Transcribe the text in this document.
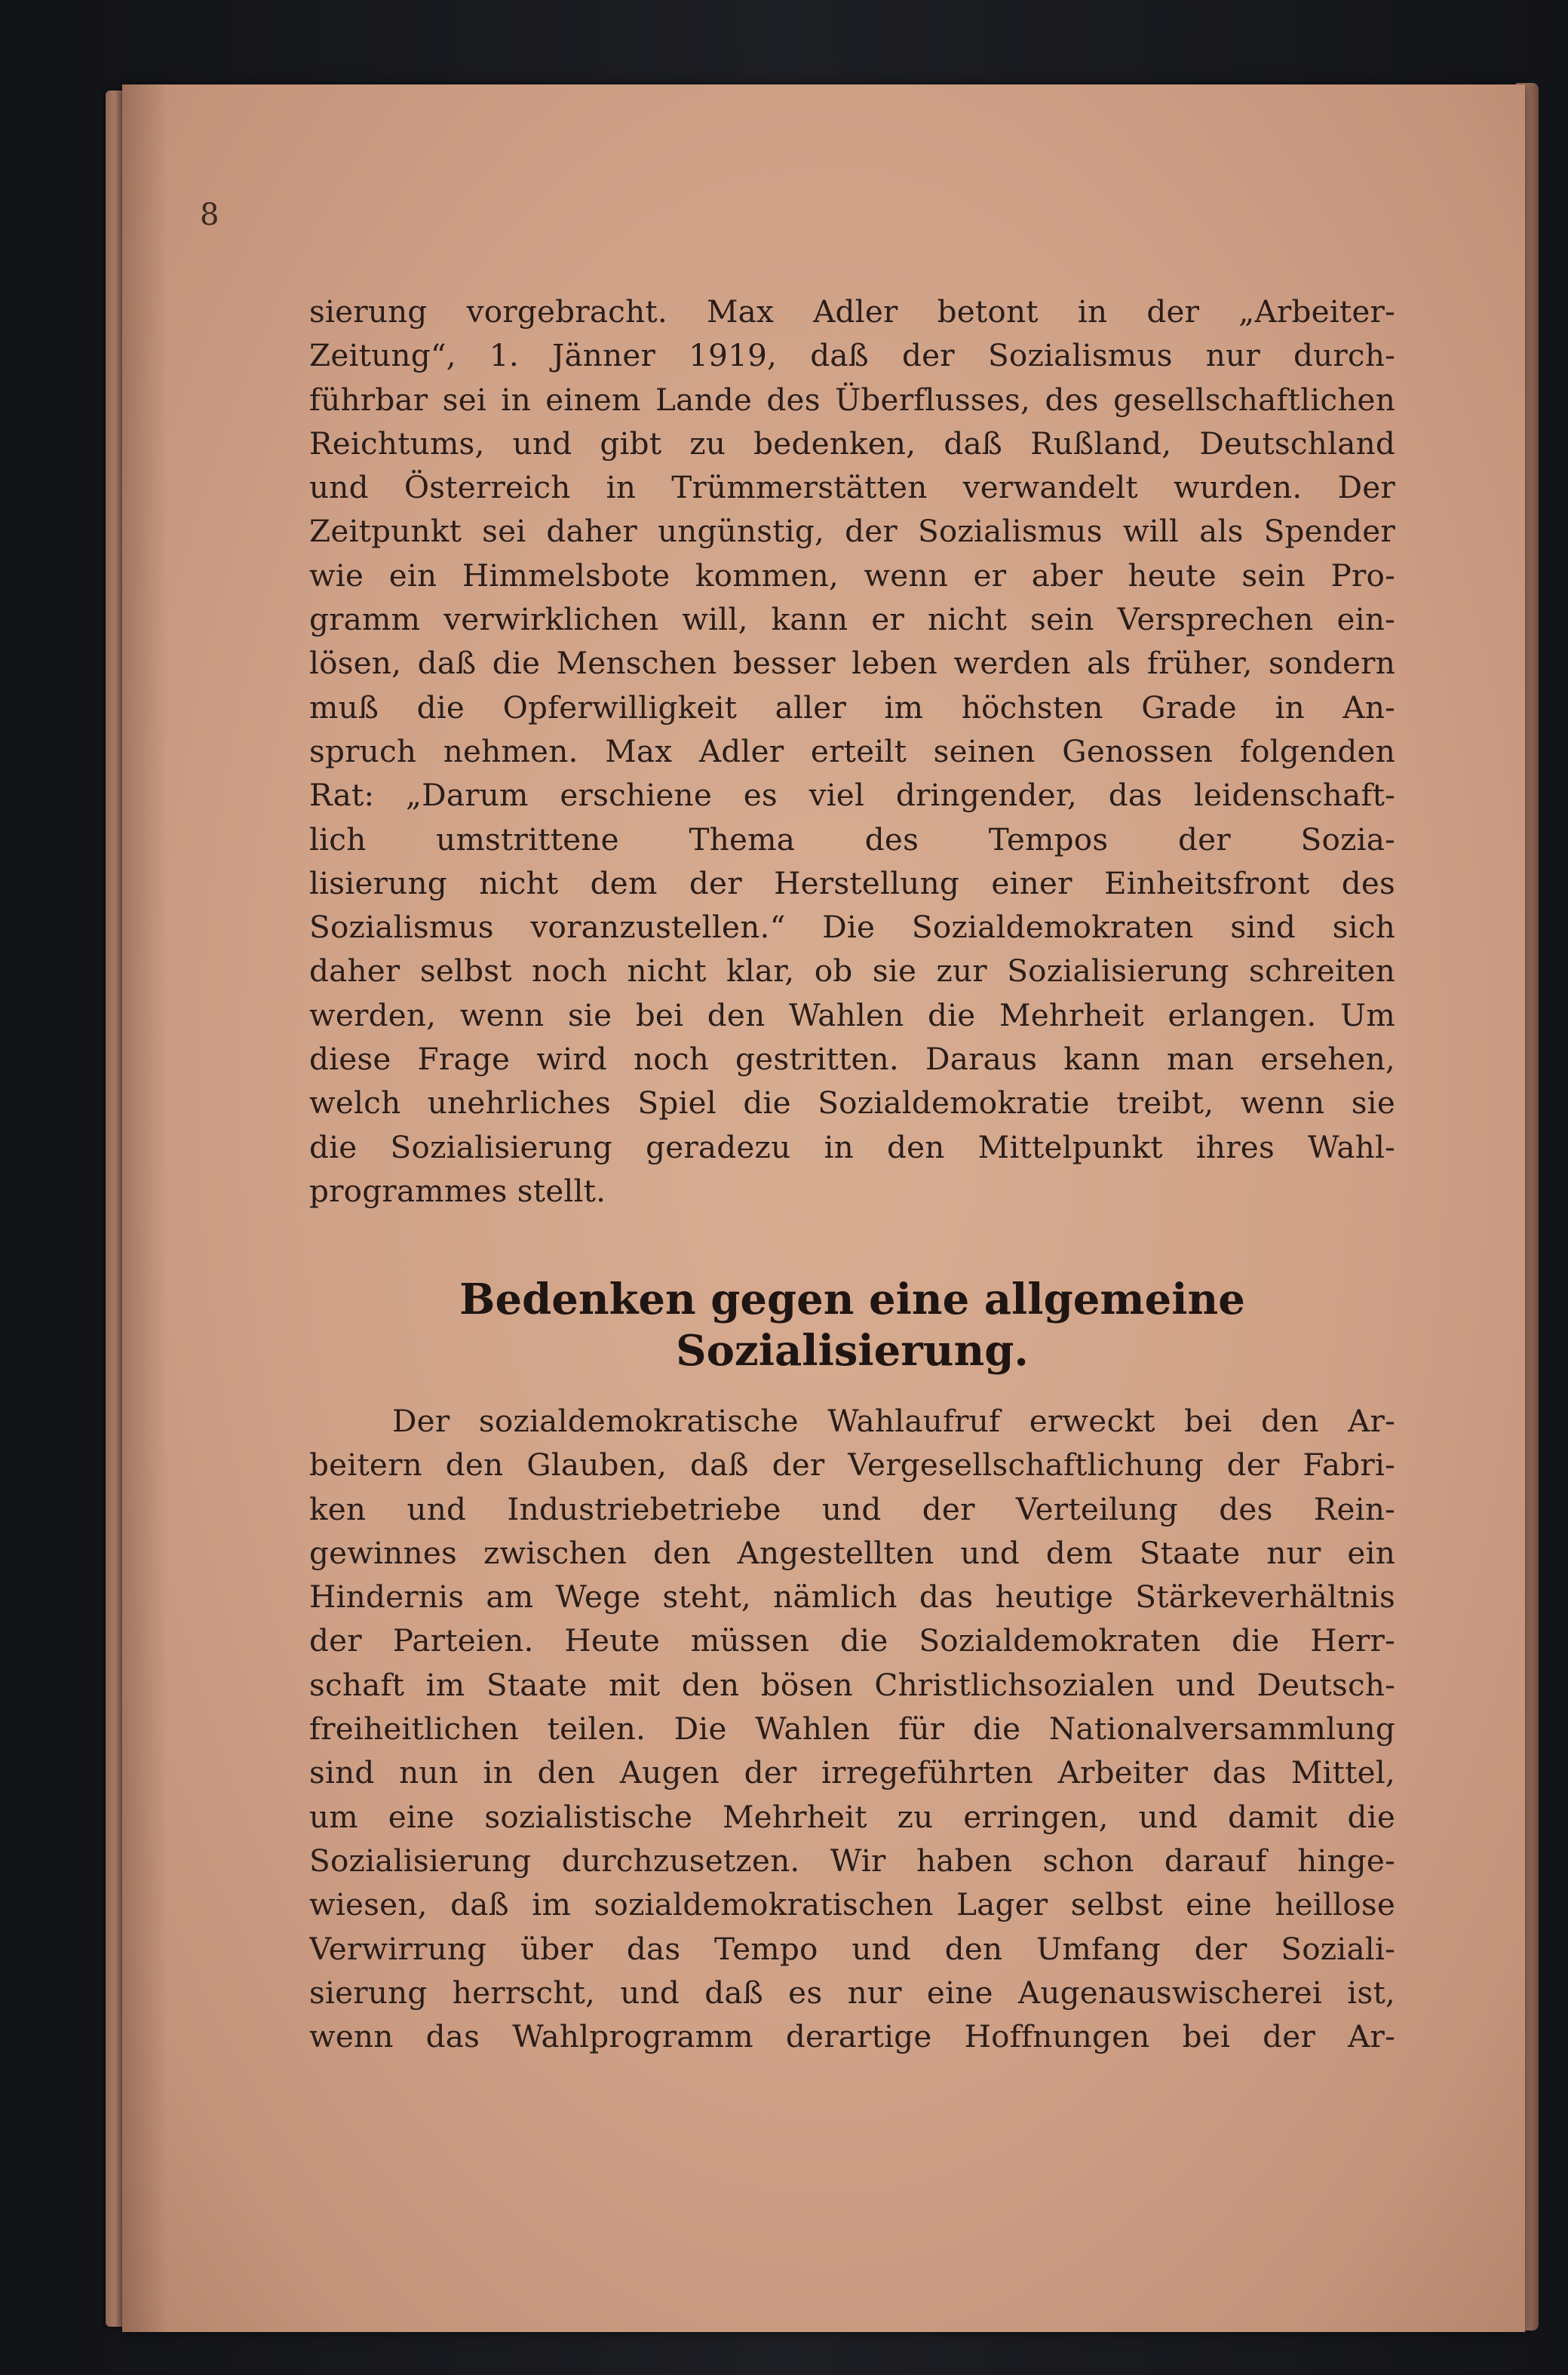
8
sierung vorgebracht. Max Adler betont in der „Arbeiter-
Zeitung“, 1. Jänner 1919, daß der Sozialismus nur durch-
führbar sei in einem Lande des Überflusses, des gesellschaftlichen
Reichtums, und gibt zu bedenken, daß Rußland, Deutschland
und Österreich in Trümmerstätten verwandelt wurden. Der
Zeitpunkt sei daher ungünstig, der Sozialismus will als Spender
wie ein Himmelsbote kommen, wenn er aber heute sein Pro-
gramm verwirklichen will, kann er nicht sein Versprechen ein-
lösen, daß die Menschen besser leben werden als früher, sondern
muß die Opferwilligkeit aller im höchsten Grade in An-
spruch nehmen. Max Adler erteilt seinen Genossen folgenden
Rat: „Darum erschiene es viel dringender, das leidenschaft-
lich umstrittene Thema des Tempos der Sozia-
lisierung nicht dem der Herstellung einer Einheitsfront des
Sozialismus voranzustellen.“ Die Sozialdemokraten sind sich
daher selbst noch nicht klar, ob sie zur Sozialisierung schreiten
werden, wenn sie bei den Wahlen die Mehrheit erlangen. Um
diese Frage wird noch gestritten. Daraus kann man ersehen,
welch unehrliches Spiel die Sozialdemokratie treibt, wenn sie
die Sozialisierung geradezu in den Mittelpunkt ihres Wahl-
programmes stellt.
Bedenken gegen eine allgemeine
Sozialisierung.
Der sozialdemokratische Wahlaufruf erweckt bei den Ar-
beitern den Glauben, daß der Vergesellschaftlichung der Fabri-
ken und Industriebetriebe und der Verteilung des Rein-
gewinnes zwischen den Angestellten und dem Staate nur ein
Hindernis am Wege steht, nämlich das heutige Stärkeverhältnis
der Parteien. Heute müssen die Sozialdemokraten die Herr-
schaft im Staate mit den bösen Christlichsozialen und Deutsch-
freiheitlichen teilen. Die Wahlen für die Nationalversammlung
sind nun in den Augen der irregeführten Arbeiter das Mittel,
um eine sozialistische Mehrheit zu erringen, und damit die
Sozialisierung durchzusetzen. Wir haben schon darauf hinge-
wiesen, daß im sozialdemokratischen Lager selbst eine heillose
Verwirrung über das Tempo und den Umfang der Soziali-
sierung herrscht, und daß es nur eine Augenauswischerei ist,
wenn das Wahlprogramm derartige Hoffnungen bei der Ar-
